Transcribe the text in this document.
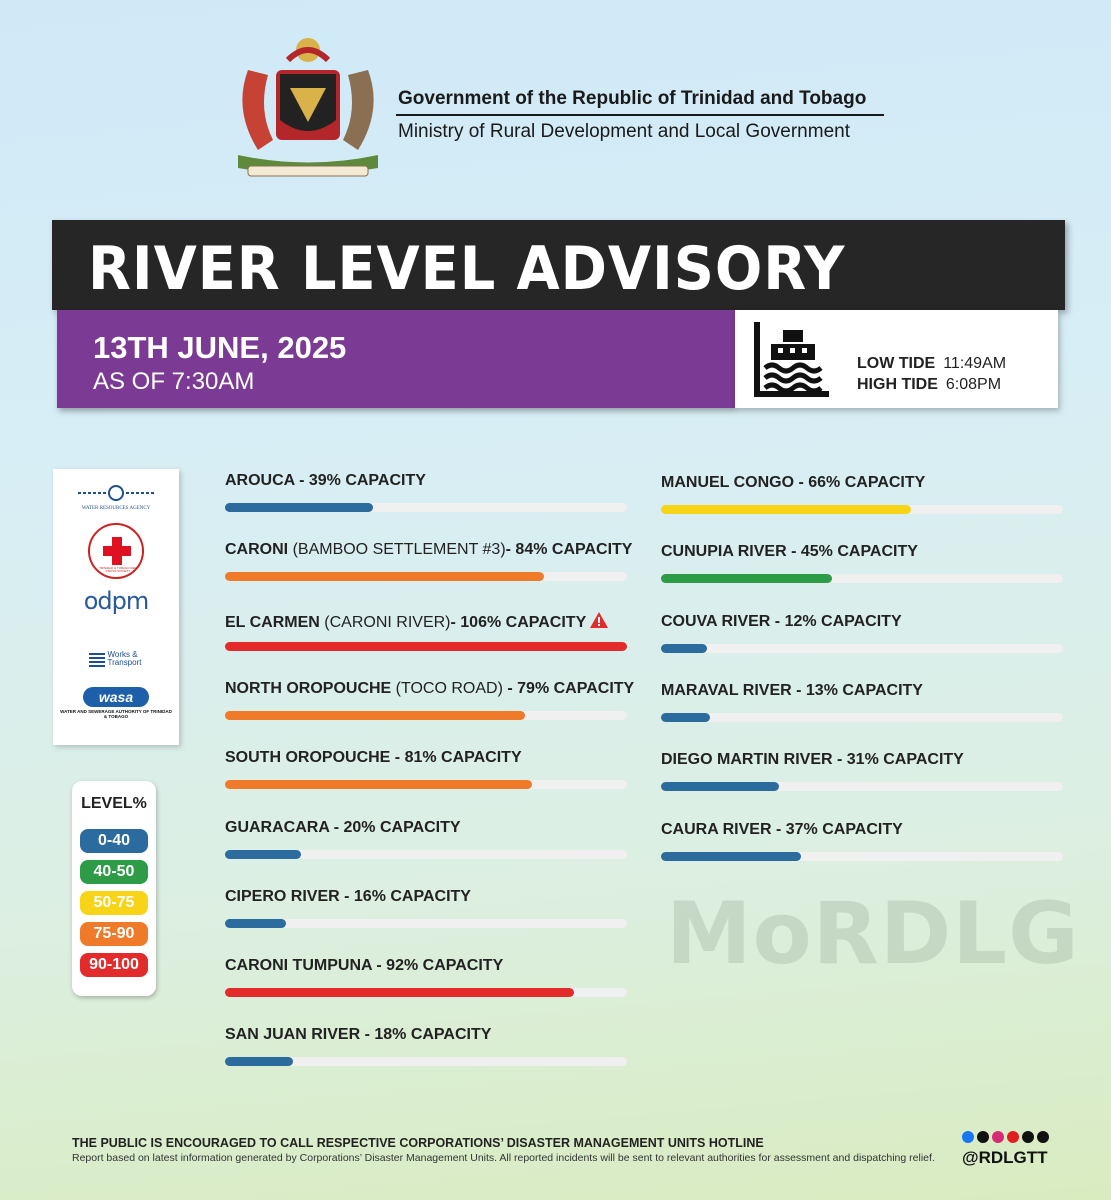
Government of the Republic of Trinidad and Tobago
Ministry of Rural Development and Local Government
RIVER LEVEL ADVISORY
13TH JUNE, 2025
AS OF 7:30AM
LOW TIDE 11:49AM
HIGH TIDE 6:08PM
WATER RESOURCES AGENCY
TRINIDAD & TOBAGO RED CROSS SOCIETY
odpm
Works & Transport
wasa
WATER AND SEWERAGE AUTHORITY OF TRINIDAD & TOBAGO
LEVEL%
0-40
40-50
50-75
75-90
90-100
AROUCA - 39% CAPACITY
CARONI (BAMBOO SETTLEMENT #3)- 84% CAPACITY
EL CARMEN (CARONI RIVER)- 106% CAPACITY
NORTH OROPOUCHE (TOCO ROAD) - 79% CAPACITY
SOUTH OROPOUCHE - 81% CAPACITY
GUARACARA - 20% CAPACITY
CIPERO RIVER - 16% CAPACITY
CARONI TUMPUNA - 92% CAPACITY
SAN JUAN RIVER - 18% CAPACITY
MANUEL CONGO - 66% CAPACITY
CUNUPIA RIVER - 45% CAPACITY
COUVA RIVER - 12% CAPACITY
MARAVAL RIVER - 13% CAPACITY
DIEGO MARTIN RIVER - 31% CAPACITY
CAURA RIVER - 37% CAPACITY
MoRDLG
THE PUBLIC IS ENCOURAGED TO CALL RESPECTIVE CORPORATIONS’ DISASTER MANAGEMENT UNITS HOTLINE
Report based on latest information generated by Corporations’ Disaster Management Units. All reported incidents will be sent to relevant authorities for assessment and dispatching relief. @RDLGTT
